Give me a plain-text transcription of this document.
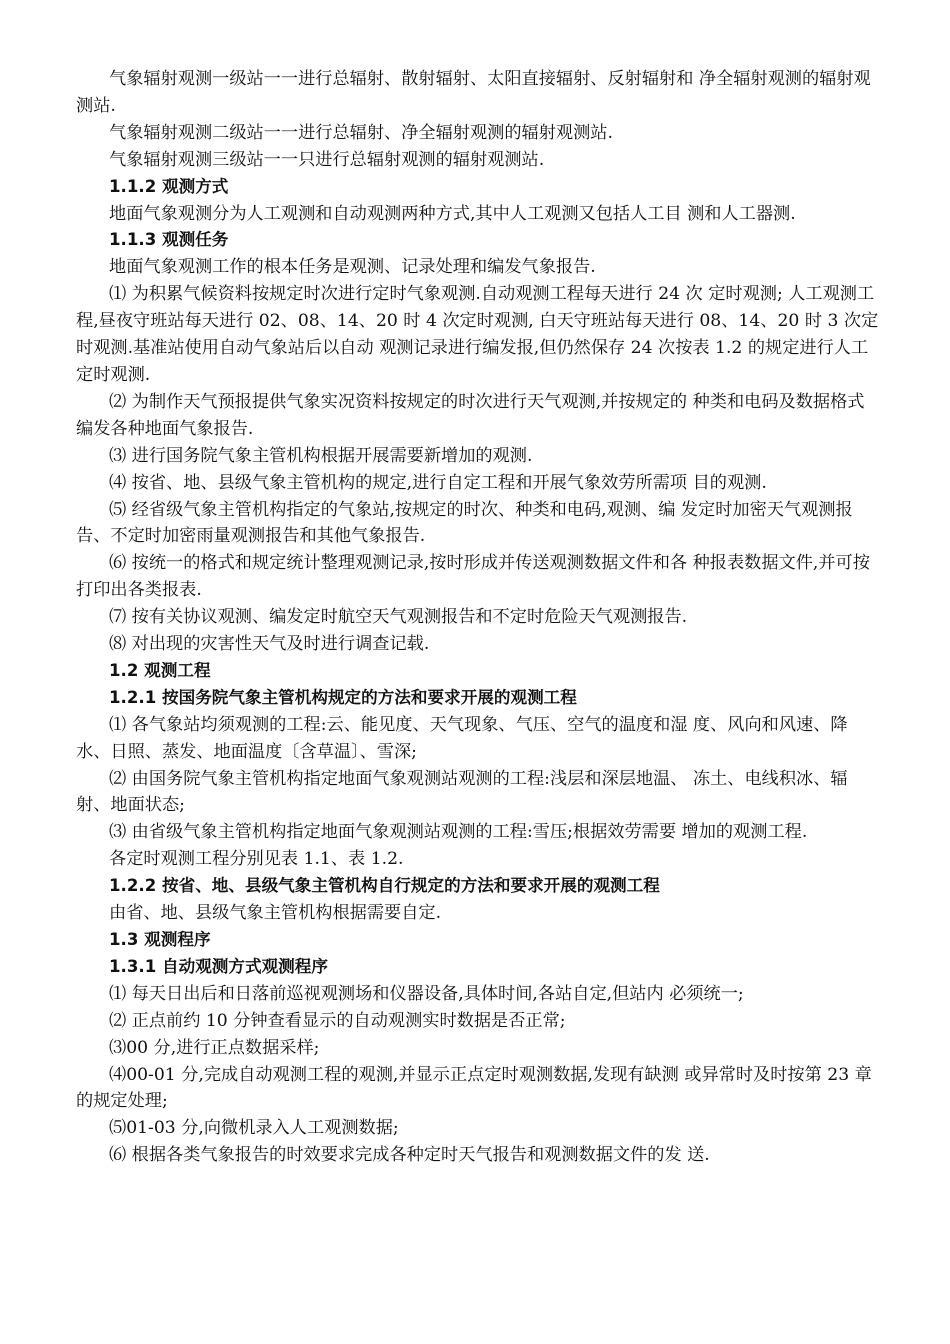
气象辐射观测一级站一一进行总辐射、散射辐射、太阳直接辐射、反射辐射和 净全辐射观测的辐射观测站.

气象辐射观测二级站一一进行总辐射、净全辐射观测的辐射观测站.

气象辐射观测三级站一一只进行总辐射观测的辐射观测站.

1.1.2 观测方式

地面气象观测分为人工观测和自动观测两种方式,其中人工观测又包括人工目 测和人工器测.

1.1.3 观测任务

地面气象观测工作的根本任务是观测、记录处理和编发气象报告.

⑴ 为积累气候资料按规定时次进行定时气象观测.自动观测工程每天进行 24 次 定时观测; 人工观测工程,昼夜守班站每天进行 02、08、14、20 时 4 次定时观测, 白天守班站每天进行 08、14、20 时 3 次定时观测.基准站使用自动气象站后以自动 观测记录进行编发报,但仍然保存 24 次按表 1.2 的规定进行人工定时观测.

⑵ 为制作天气预报提供气象实况资料按规定的时次进行天气观测,并按规定的 种类和电码及数据格式编发各种地面气象报告.

⑶ 进行国务院气象主管机构根据开展需要新增加的观测.

⑷ 按省、地、县级气象主管机构的规定,进行自定工程和开展气象效劳所需项 目的观测.

⑸ 经省级气象主管机构指定的气象站,按规定的时次、种类和电码,观测、编 发定时加密天气观测报告、不定时加密雨量观测报告和其他气象报告.

⑹ 按统一的格式和规定统计整理观测记录,按时形成并传送观测数据文件和各 种报表数据文件,并可按打印出各类报表.

⑺ 按有关协议观测、编发定时航空天气观测报告和不定时危险天气观测报告.

⑻ 对出现的灾害性天气及时进行调查记载.

1.2 观测工程

1.2.1 按国务院气象主管机构规定的方法和要求开展的观测工程

⑴ 各气象站均须观测的工程:云、能见度、天气现象、气压、空气的温度和湿 度、风向和风速、降水、日照、蒸发、地面温度〔含草温〕、雪深;

⑵ 由国务院气象主管机构指定地面气象观测站观测的工程:浅层和深层地温、 冻土、电线积冰、辐射、地面状态;

⑶ 由省级气象主管机构指定地面气象观测站观测的工程:雪压;根据效劳需要 增加的观测工程.

各定时观测工程分别见表 1.1、表 1.2.

1.2.2 按省、地、县级气象主管机构自行规定的方法和要求开展的观测工程

由省、地、县级气象主管机构根据需要自定.

1.3 观测程序

1.3.1 自动观测方式观测程序

⑴ 每天日出后和日落前巡视观测场和仪器设备,具体时间,各站自定,但站内 必须统一;

⑵ 正点前约 10 分钟查看显示的自动观测实时数据是否正常;

⑶00 分,进行正点数据采样;

⑷00-01 分,完成自动观测工程的观测,并显示正点定时观测数据,发现有缺测 或异常时及时按第 23 章的规定处理;

⑸01-03 分,向微机录入人工观测数据;

⑹ 根据各类气象报告的时效要求完成各种定时天气报告和观测数据文件的发 送.
